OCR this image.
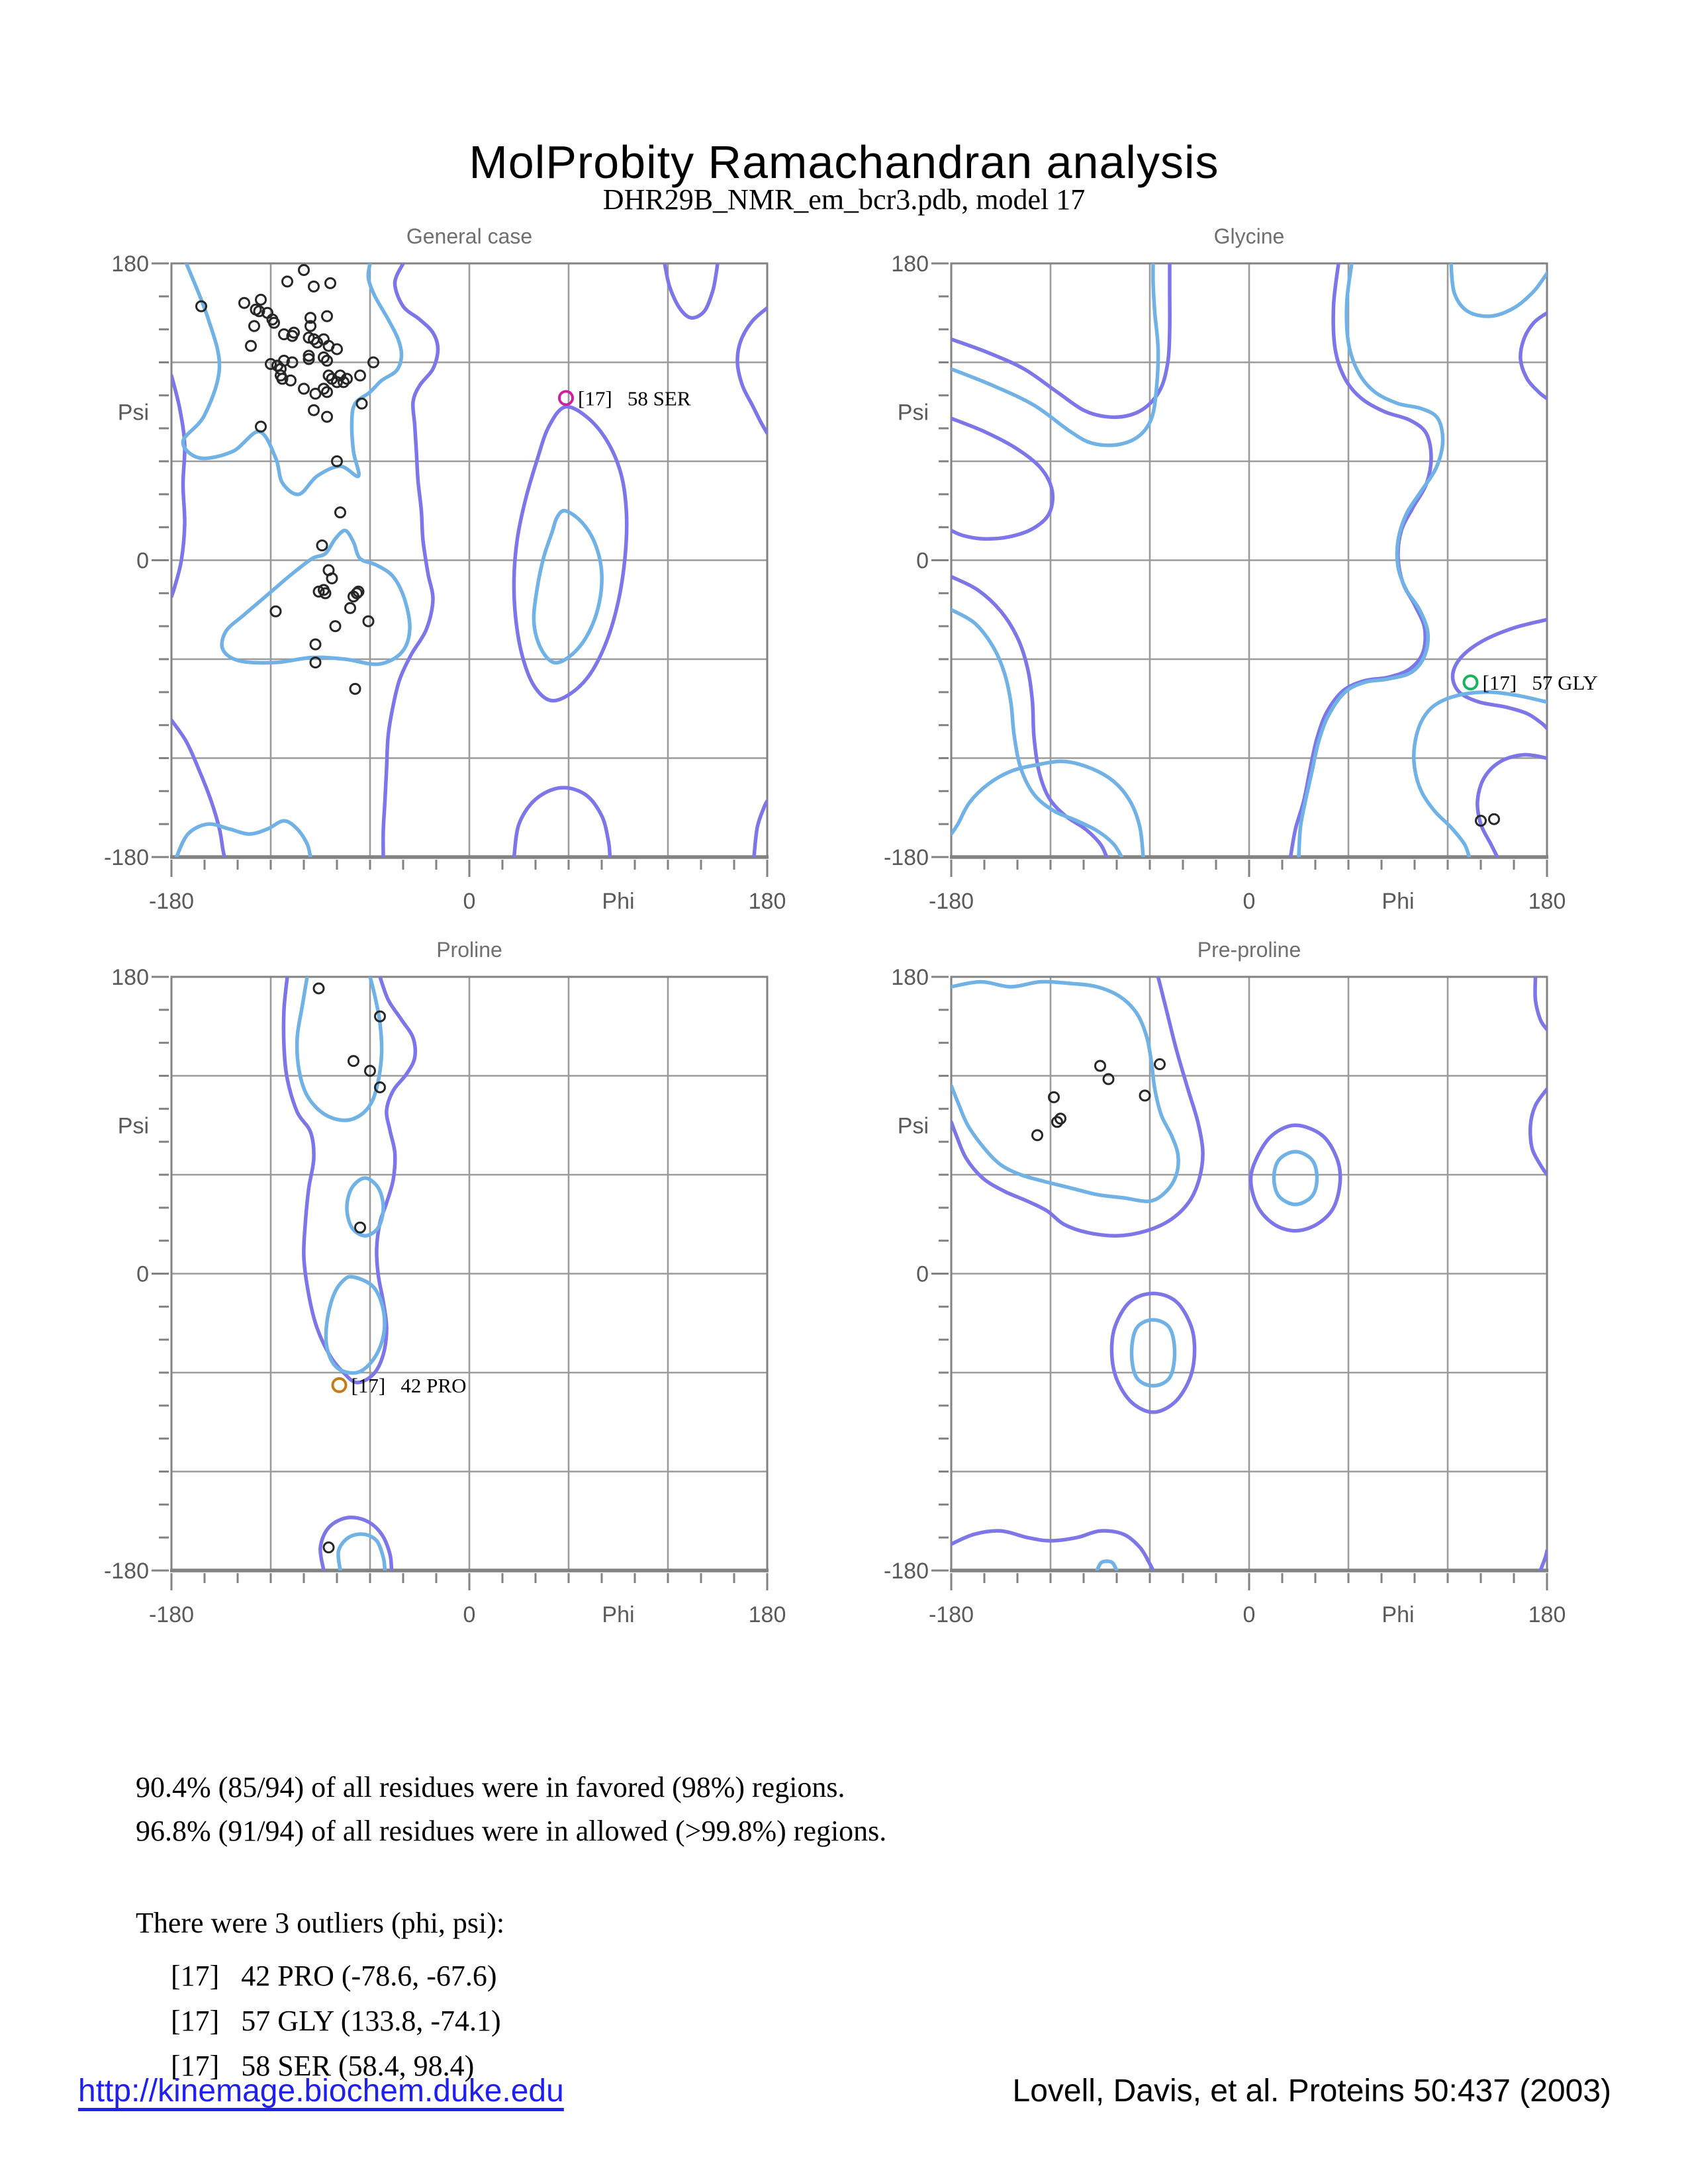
MolProbity Ramachandran analysis
DHR29B_NMR_em_bcr3.pdb, model 17
180
Psi
0
-180
-180	0	Phi	180
General case
[17]   58 SER
180
Psi
0
-180
-180	0	Phi	180
Glycine
[17]   57 GLY
180
Psi
0
-180
-180	0	Phi	180
Proline
[17]   42 PRO
180
Psi
0
-180
-180	0	Phi	180
Pre-proline
90.4% (85/94) of all residues were in favored (98%) regions.
96.8% (91/94) of all residues were in allowed (>99.8%) regions.
There were 3 outliers (phi, psi):
[17]   42 PRO (-78.6, -67.6)
[17]   57 GLY (133.8, -74.1)
[17]   58 SER (58.4, 98.4)
http://kinemage.biochem.duke.edu	Lovell, Davis, et al. Proteins 50:437 (2003)
